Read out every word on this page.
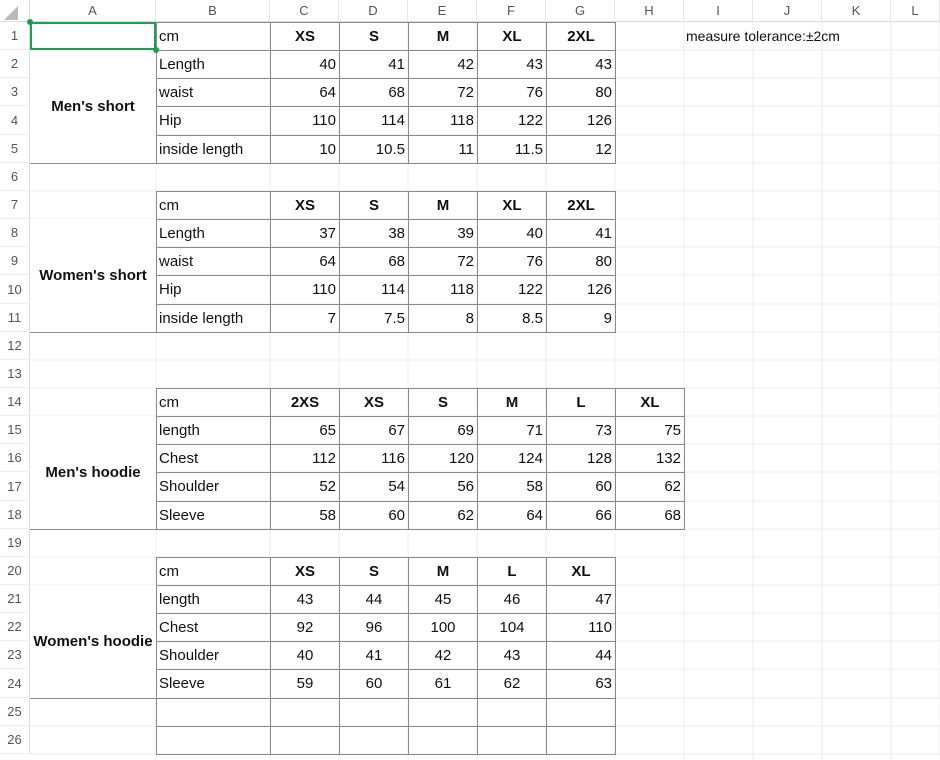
A	B	C	D	E	F	G	H	I	J	K	L
1
2
3
4
5
6
7
8
9
10
11
12
13
14
15
16
17
18
19
20
21
22
23
24
25
26
cm	XS	S	M	XL	2XL
Length	40	41	42	43	43
waist	64	68	72	76	80
Hip	110	114	118	122	126
inside length	10	10.5	11	11.5	12
Men's short
cm	XS	S	M	XL	2XL
Length	37	38	39	40	41
waist	64	68	72	76	80
Hip	110	114	118	122	126
inside length	7	7.5	8	8.5	9
Women's short
cm	2XS	XS	S	M	L	XL
length	65	67	69	71	73	75
Chest	112	116	120	124	128	132
Shoulder	52	54	56	58	60	62
Sleeve	58	60	62	64	66	68
Men's hoodie
cm	XS	S	M	L	XL
length	43	44	45	46	47
Chest	92	96	100	104	110
Shoulder	40	41	42	43	44
Sleeve	59	60	61	62	63
Women's hoodie
measure tolerance:±2cm
